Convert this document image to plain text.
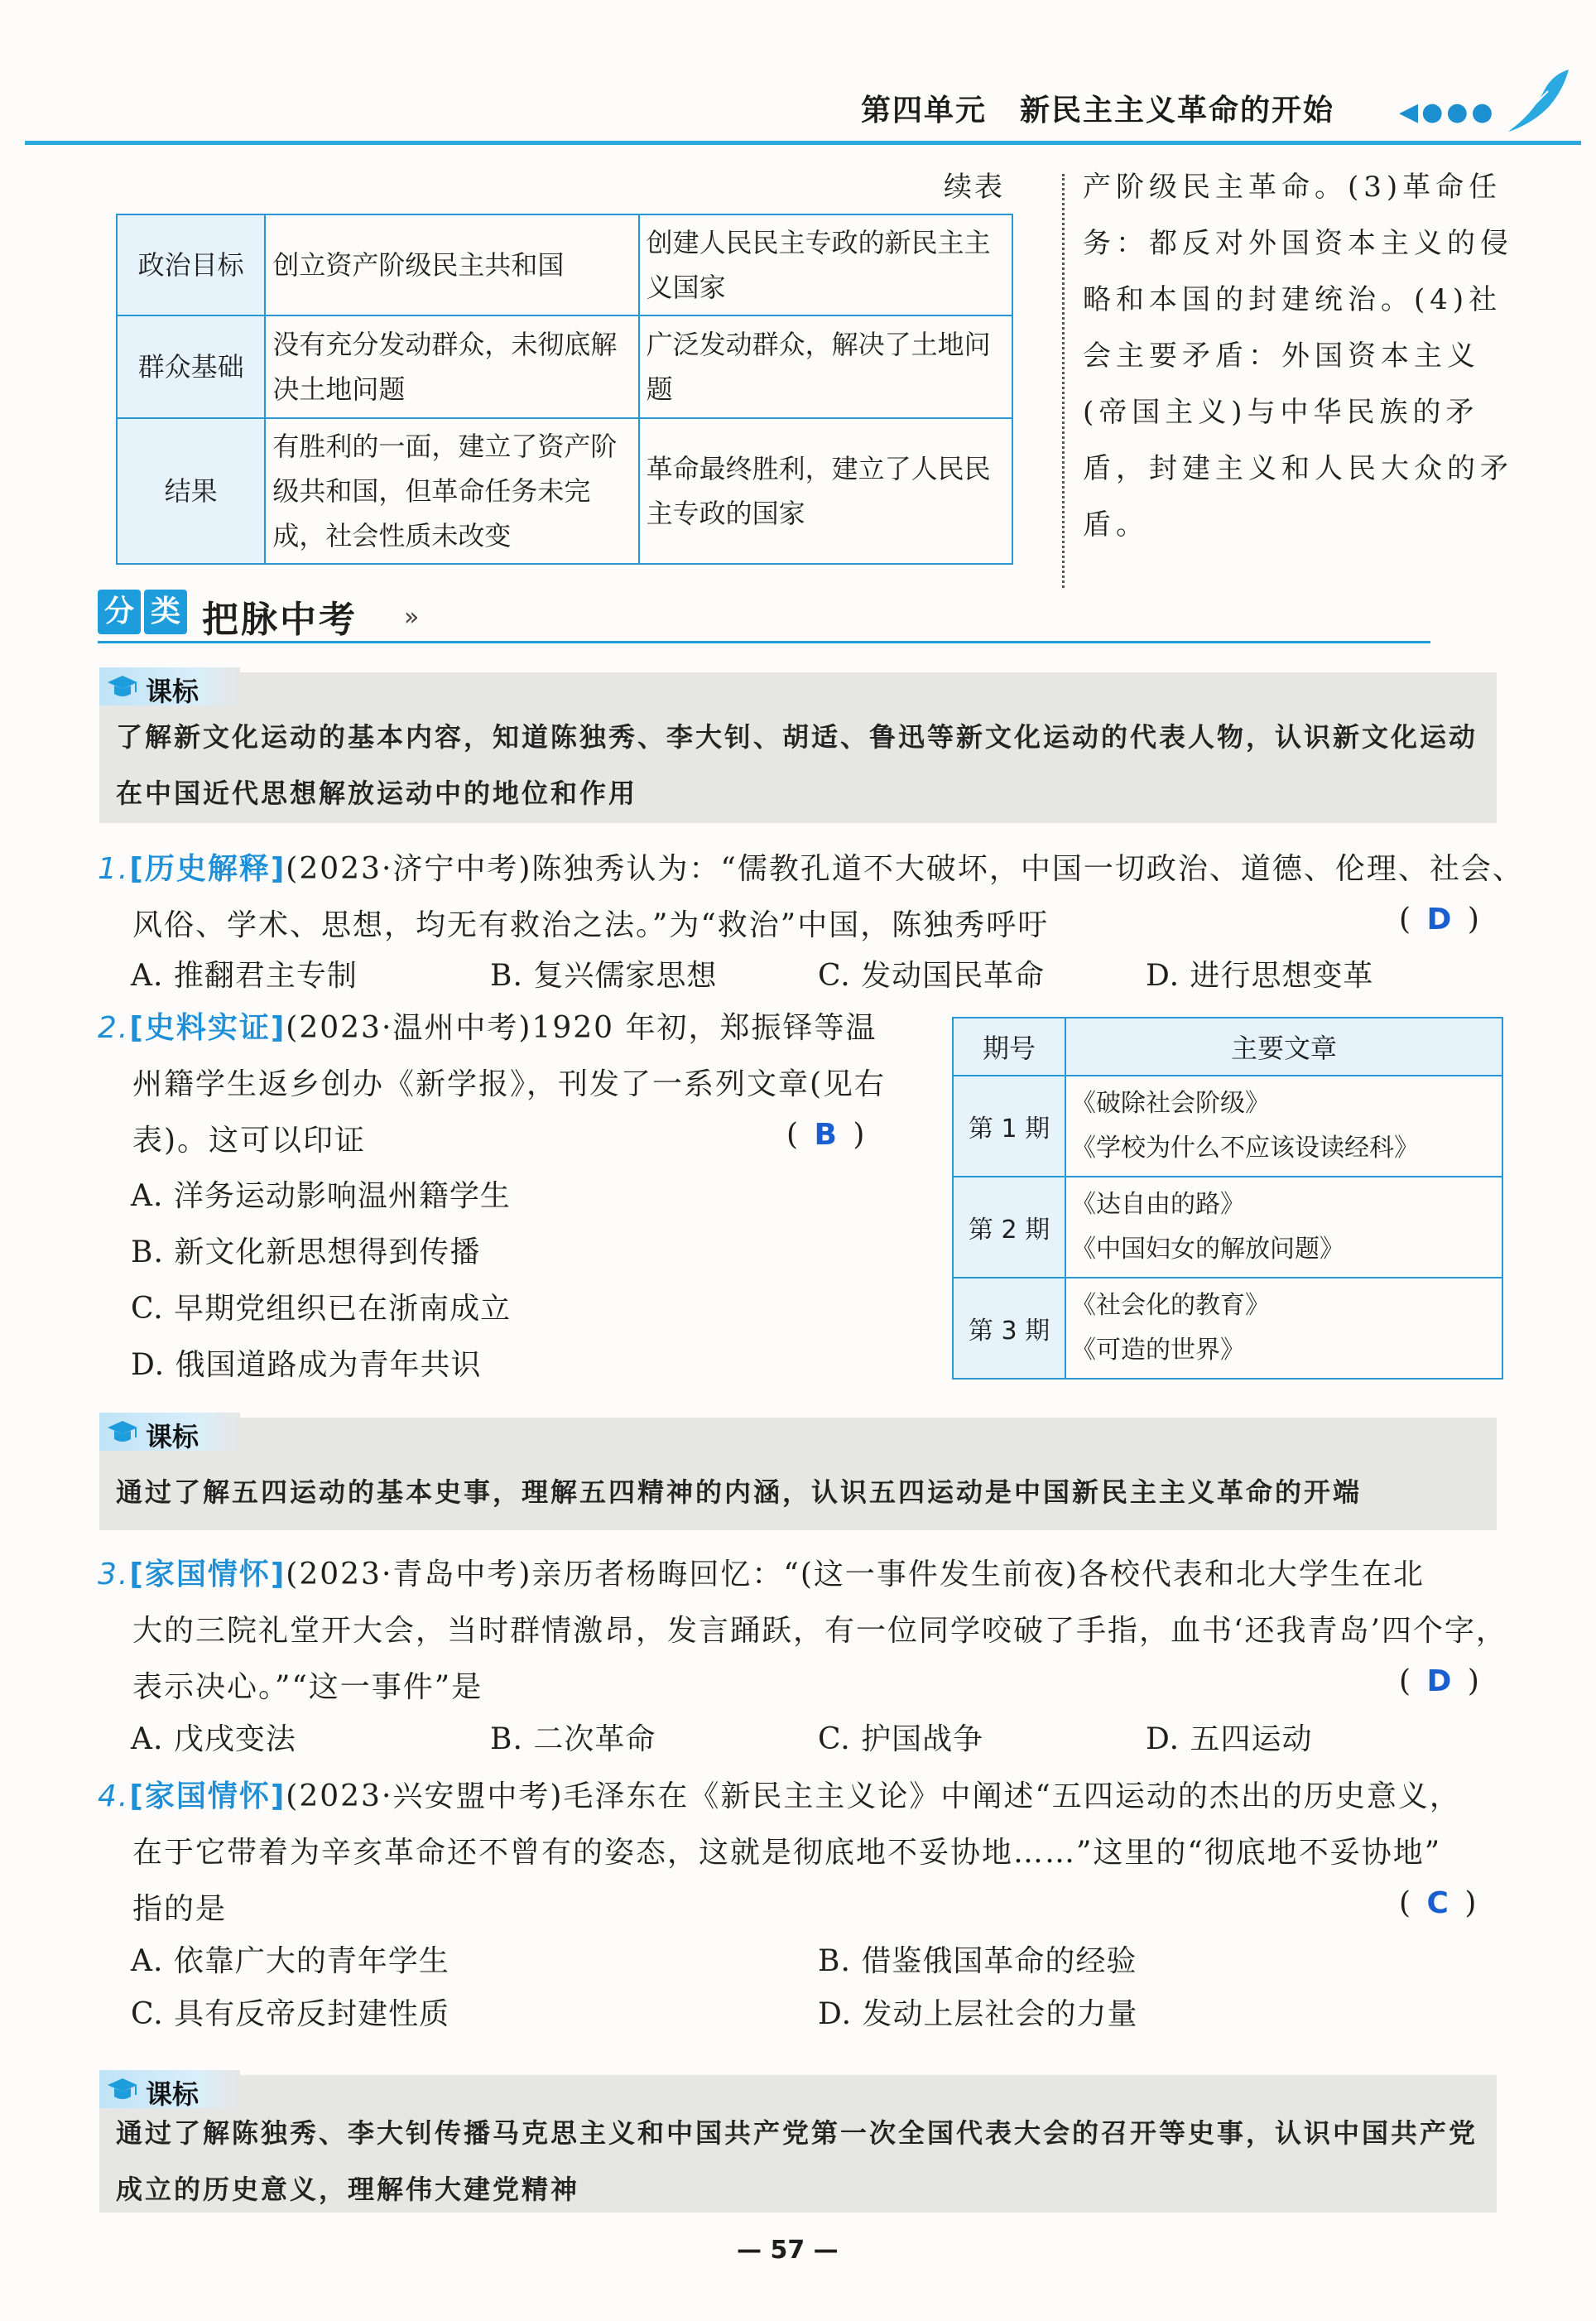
第四单元 新民主主义革命的开始	◀●●●
续表
政治目标	创立资产阶级民主共和国	创建人民民主专政的新民主主义国家
群众基础	没有充分发动群众，未彻底解决土地问题	广泛发动群众，解决了土地问题
结果	有胜利的一面，建立了资产阶级共和国，但革命任务未完成，社会性质未改变	革命最终胜利，建立了人民民主专政的国家
产阶级民主革命。(3)革命任务：都反对外国资本主义的侵略和本国的封建统治。(4)社会主要矛盾：外国资本主义(帝国主义)与中华民族的矛盾，封建主义和人民大众的矛盾。
分 类 把脉中考 »
课标
了解新文化运动的基本内容，知道陈独秀、李大钊、胡适、鲁迅等新文化运动的代表人物，认识新文化运动在中国近代思想解放运动中的地位和作用
1.[历史解释](2023·济宁中考)陈独秀认为：“儒教孔道不大破坏，中国一切政治、道德、伦理、社会、
风俗、学术、思想，均无有救治之法。”为“救治”中国，陈独秀呼吁	( D )
A. 推翻君主专制	B. 复兴儒家思想	C. 发动国民革命	D. 进行思想变革
2.[史料实证](2023·温州中考)1920 年初，郑振铎等温
州籍学生返乡创办《新学报》，刊发了一系列文章(见右
表)。这可以印证	( B )
A. 洋务运动影响温州籍学生
B. 新文化新思想得到传播
C. 早期党组织已在浙南成立
D. 俄国道路成为青年共识
期号	主要文章
第 1 期	《破除社会阶级》
《学校为什么不应该设读经科》

第 2 期	《达自由的路》
《中国妇女的解放问题》

第 3 期	《社会化的教育》
《可造的世界》
课标
通过了解五四运动的基本史事，理解五四精神的内涵，认识五四运动是中国新民主主义革命的开端
3.[家国情怀](2023·青岛中考)亲历者杨晦回忆：“(这一事件发生前夜)各校代表和北大学生在北
大的三院礼堂开大会，当时群情激昂，发言踊跃，有一位同学咬破了手指，血书‘还我青岛’四个字，
表示决心。”“这一事件”是	( D )
A. 戊戌变法	B. 二次革命	C. 护国战争	D. 五四运动
4.[家国情怀](2023·兴安盟中考)毛泽东在《新民主主义论》中阐述“五四运动的杰出的历史意义，
在于它带着为辛亥革命还不曾有的姿态，这就是彻底地不妥协地……”这里的“彻底地不妥协地”
指的是	( C )
A. 依靠广大的青年学生	B. 借鉴俄国革命的经验
C. 具有反帝反封建性质	D. 发动上层社会的力量
课标
通过了解陈独秀、李大钊传播马克思主义和中国共产党第一次全国代表大会的召开等史事，认识中国共产党成立的历史意义，理解伟大建党精神
— 57 —
